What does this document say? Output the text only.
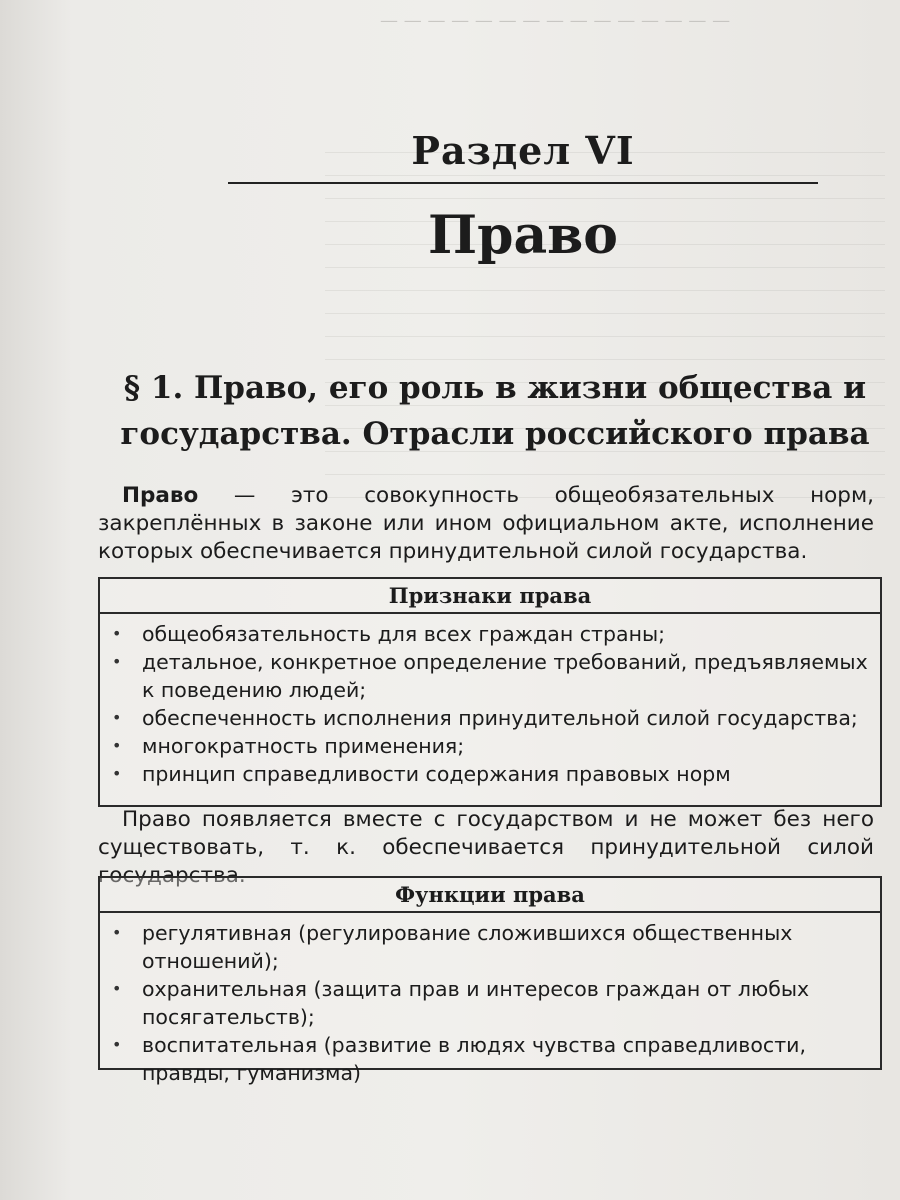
— — — — — — — — — — — — — — —
Раздел VI
Право
§ 1. Право, его роль в жизни общества и государства. Отрасли российского права
Право — это совокупность общеобязательных норм, закреплённых в законе или ином официальном акте, исполнение которых обеспечивается принудительной силой государства.
Признаки права
• общеобязательность для всех граждан страны;
• детальное, конкретное определение требований, предъявляемых к поведению людей;
• обеспеченность исполнения принудительной силой государства;
• многократность применения;
• принцип справедливости содержания правовых норм
Право появляется вместе с государством и не может без него существовать, т. к. обеспечивается принудительной силой государства.
Функции права
• регулятивная (регулирование сложившихся общественных отношений);
• охранительная (защита прав и интересов граждан от любых посягательств);
• воспитательная (развитие в людях чувства справедливости, правды, гуманизма)
